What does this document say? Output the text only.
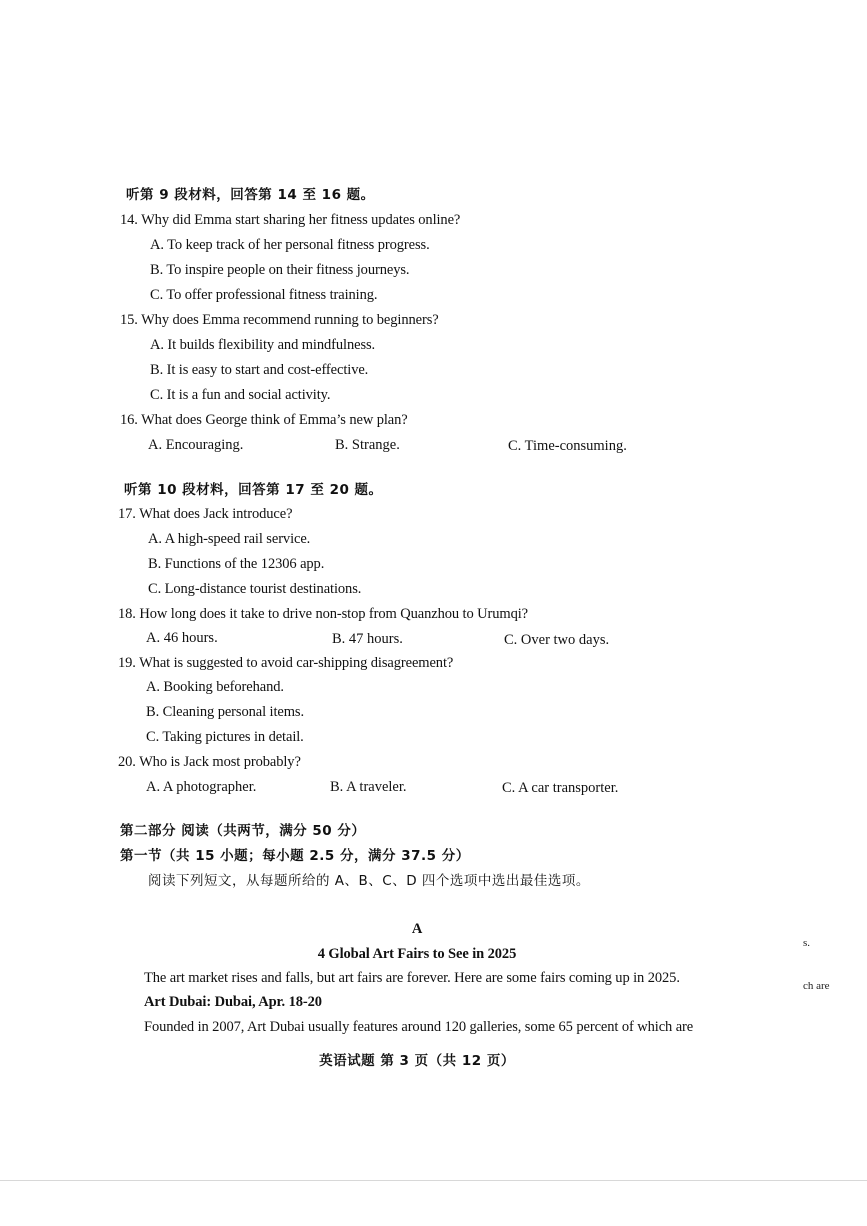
听第 9 段材料，回答第 14 至 16 题。
14. Why did Emma start sharing her fitness updates online?
A. To keep track of her personal fitness progress.
B. To inspire people on their fitness journeys.
C. To offer professional fitness training.
15. Why does Emma recommend running to beginners?
A. It builds flexibility and mindfulness.
B. It is easy to start and cost-effective.
C. It is a fun and social activity.
16. What does George think of Emma’s new plan?
A. Encouraging.	B. Strange.	C. Time-consuming.
听第 10 段材料，回答第 17 至 20 题。
17. What does Jack introduce?
A. A high-speed rail service.
B. Functions of the 12306 app.
C. Long-distance tourist destinations.
18. How long does it take to drive non-stop from Quanzhou to Urumqi?
A. 46 hours.	B. 47 hours.	C. Over two days.
19. What is suggested to avoid car-shipping disagreement?
A. Booking beforehand.
B. Cleaning personal items.
C. Taking pictures in detail.
20. Who is Jack most probably?
A. A photographer.	B. A traveler.	C. A car transporter.
第二部分 阅读（共两节，满分 50 分）
第一节（共 15 小题；每小题 2.5 分，满分 37.5 分）
阅读下列短文，从每题所给的 A、B、C、D 四个选项中选出最佳选项。
A
4 Global Art Fairs to See in 2025
The art market rises and falls, but art fairs are forever. Here are some fairs coming up in 2025.
Art Dubai: Dubai, Apr. 18-20
Founded in 2007, Art Dubai usually features around 120 galleries, some 65 percent of which are
s.
ch are
英语试题 第 3 页（共 12 页）
